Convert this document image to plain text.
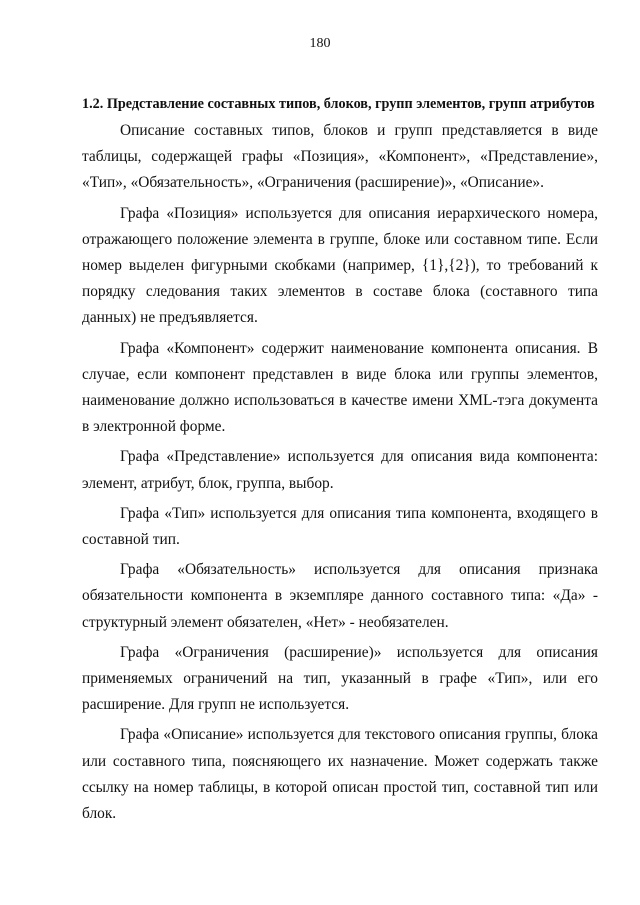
180
1.2. Представление составных типов, блоков, групп элементов, групп атрибутов

Описание составных типов, блоков и групп представляется в виде таблицы, содержащей графы «Позиция», «Компонент», «Представление», «Тип», «Обязательность», «Ограничения (расширение)», «Описание».

Графа «Позиция» используется для описания иерархического номера, отражающего положение элемента в группе, блоке или составном типе. Если номер выделен фигурными скобками (например, {1},{2}), то требований к порядку следования таких элементов в составе блока (составного типа данных) не предъявляется.

Графа «Компонент» содержит наименование компонента описания. В случае, если компонент представлен в виде блока или группы элементов, наименование должно использоваться в качестве имени XML-тэга документа в электронной форме.

Графа «Представление» используется для описания вида компонента: элемент, атрибут, блок, группа, выбор.

Графа «Тип» используется для описания типа компонента, входящего в составной тип.

Графа «Обязательность» используется для описания признака обязательности компонента в экземпляре данного составного типа: «Да» - структурный элемент обязателен, «Нет» - необязателен.

Графа «Ограничения (расширение)» используется для описания применяемых ограничений на тип, указанный в графе «Тип», или его расширение. Для групп не используется.

Графа «Описание» используется для текстового описания группы, блока или составного типа, поясняющего их назначение. Может содержать также ссылку на номер таблицы, в которой описан простой тип, составной тип или блок.
